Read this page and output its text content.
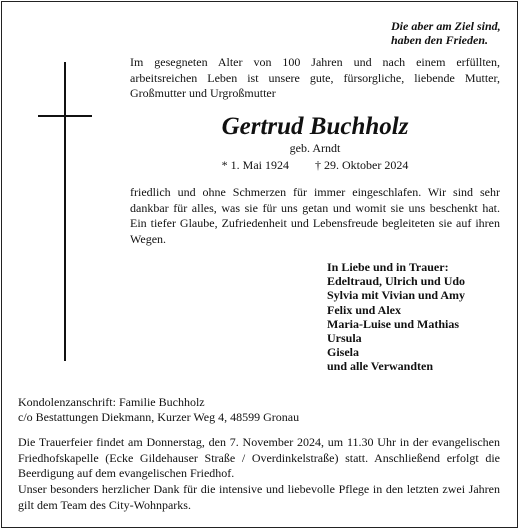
Die aber am Ziel sind,
haben den Frieden.
Im gesegneten Alter von 100 Jahren und nach einem erfüllten,
arbeitsreichen Leben ist unsere gute, fürsorgliche, liebende Mutter,
Großmutter und Urgroßmutter
Gertrud Buchholz
geb. Arndt
* 1. Mai 1924 † 29. Oktober 2024
friedlich und ohne Schmerzen für immer eingeschlafen. Wir sind sehr
dankbar für alles, was sie für uns getan und womit sie uns beschenkt hat.
Ein tiefer Glaube, Zufriedenheit und Lebensfreude begleiteten sie auf ihren
Wegen.
In Liebe und in Trauer:
Edeltraud, Ulrich und Udo
Sylvia mit Vivian und Amy
Felix und Alex
Maria-Luise und Mathias
Ursula
Gisela
und alle Verwandten
Kondolenzanschrift: Familie Buchholz
c/o Bestattungen Diekmann, Kurzer Weg 4, 48599 Gronau
Die Trauerfeier findet am Donnerstag, den 7. November 2024, um 11.30 Uhr in der evangelischen
Friedhofskapelle (Ecke Gildehauser Straße / Overdinkelstraße) statt. Anschließend erfolgt die
Beerdigung auf dem evangelischen Friedhof.
Unser besonders herzlicher Dank für die intensive und liebevolle Pflege in den letzten zwei Jahren
gilt dem Team des City-Wohnparks.
